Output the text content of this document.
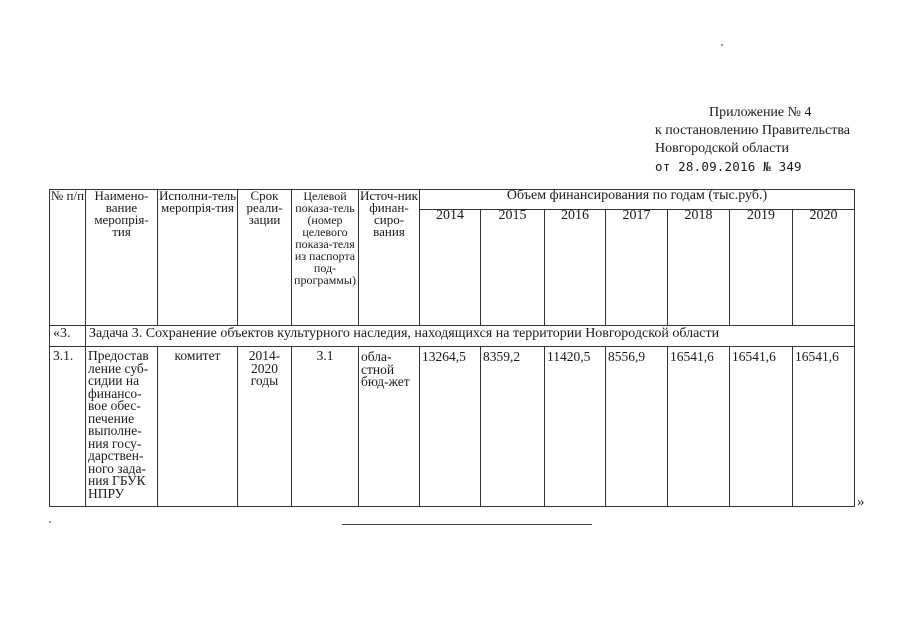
Приложение № 4
к постановлению Правительства
Новгородской области
от 28.09.2016 № 349
№ п/п	Наимено-вание меропрія-тия	Исполни-тель меропрія-тия	Срок реали-зации	Целевой показа-тель (номер целевого показа-теля из паспорта под-программы)	Источ-ник финан-сиро-вания	Объем финансирования по годам (тыс.руб.)						
						2014	2015	2016	2017	2018	2019	2020
«3.	Задача 3. Сохранение объектов культурного наследия, находящихся на территории Новгородской области											
3.1.	Предостав ление суб-сидии на финансо-вое обес-печение выполне-ния госу-дарствен-ного зада-ния ГБУК НПРУ	комитет	2014-2020 годы	3.1	обла-стной бюд-жет	13264,5	8359,2	11420,5	8556,9	16541,6	16541,6	16541,6
»
